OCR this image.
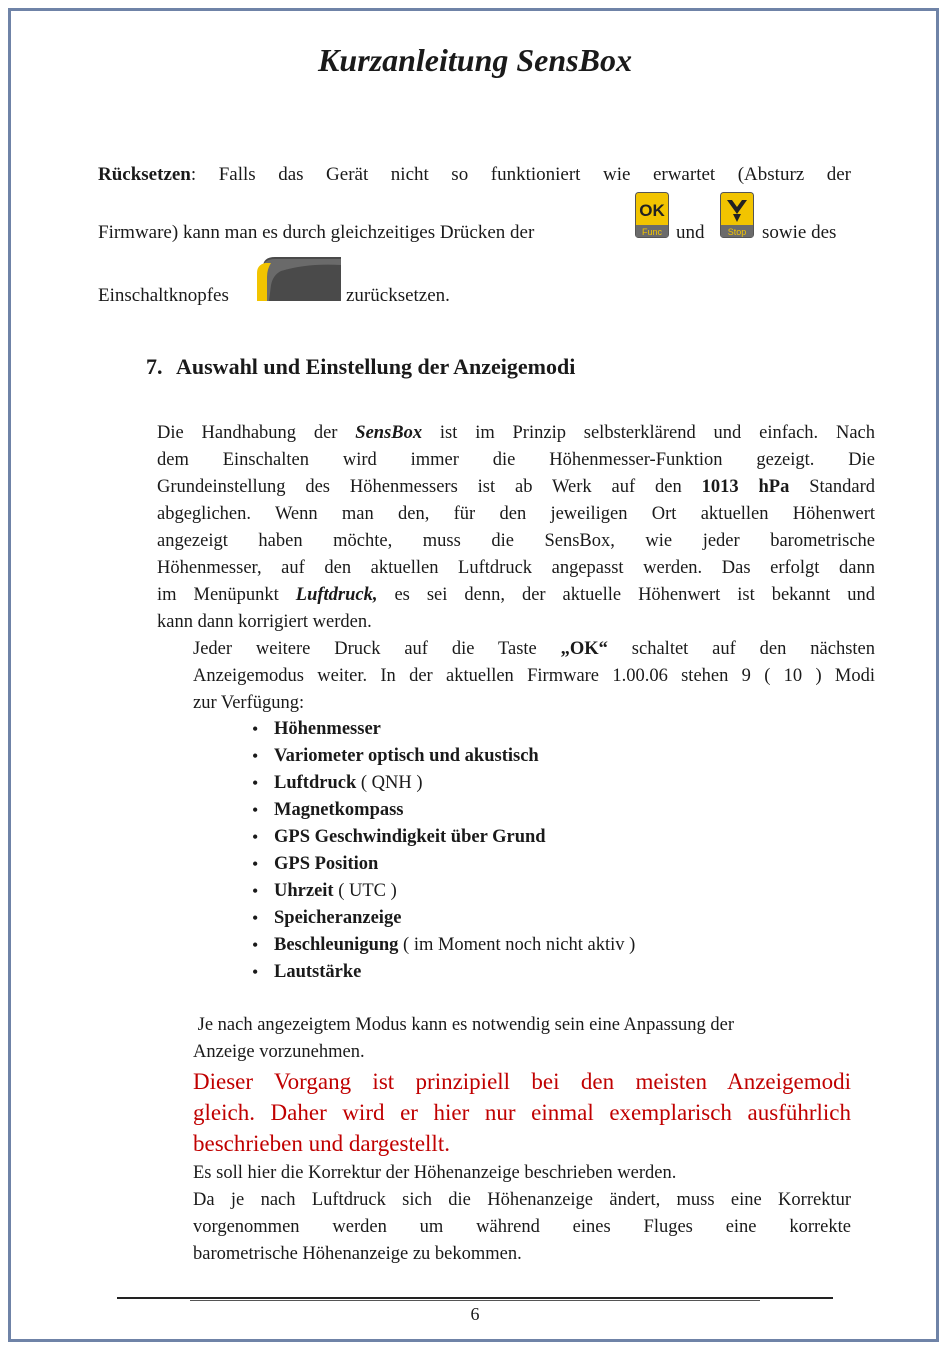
Kurzanleitung SensBox
Rücksetzen: Falls das Gerät nicht so funktioniert wie erwartet (Absturz der
Firmware) kann man es durch gleichzeitiges Drücken der	und	sowie des
OK
Func	Stop
Einschaltknopfes	zurücksetzen.
7. Auswahl und Einstellung der Anzeigemodi
Die Handhabung der SensBox ist im Prinzip selbsterklärend und einfach. Nach
dem Einschalten wird immer die Höhenmesser-Funktion gezeigt. Die
Grundeinstellung des Höhenmessers ist ab Werk auf den 1013 hPa Standard
abgeglichen. Wenn man den, für den jeweiligen Ort aktuellen Höhenwert
angezeigt haben möchte, muss die SensBox, wie jeder barometrische
Höhenmesser, auf den aktuellen Luftdruck angepasst werden. Das erfolgt dann
im Menüpunkt Luftdruck, es sei denn, der aktuelle Höhenwert ist bekannt und
kann dann korrigiert werden.
Jeder weitere Druck auf die Taste „OK“ schaltet auf den nächsten
Anzeigemodus weiter. In der aktuellen Firmware 1.00.06 stehen 9 ( 10 ) Modi
zur Verfügung:
• Höhenmesser
• Variometer optisch und akustisch
• Luftdruck ( QNH )
• Magnetkompass
• GPS Geschwindigkeit über Grund
• GPS Position
• Uhrzeit ( UTC )
• Speicheranzeige
• Beschleunigung ( im Moment noch nicht aktiv )
• Lautstärke
Je nach angezeigtem Modus kann es notwendig sein eine Anpassung der
Anzeige vorzunehmen.
Dieser Vorgang ist prinzipiell bei den meisten Anzeigemodi
gleich. Daher wird er hier nur einmal exemplarisch ausführlich
beschrieben und dargestellt.
Es soll hier die Korrektur der Höhenanzeige beschrieben werden.
Da je nach Luftdruck sich die Höhenanzeige ändert, muss eine Korrektur
vorgenommen werden um während eines Fluges eine korrekte
barometrische Höhenanzeige zu bekommen.
6
